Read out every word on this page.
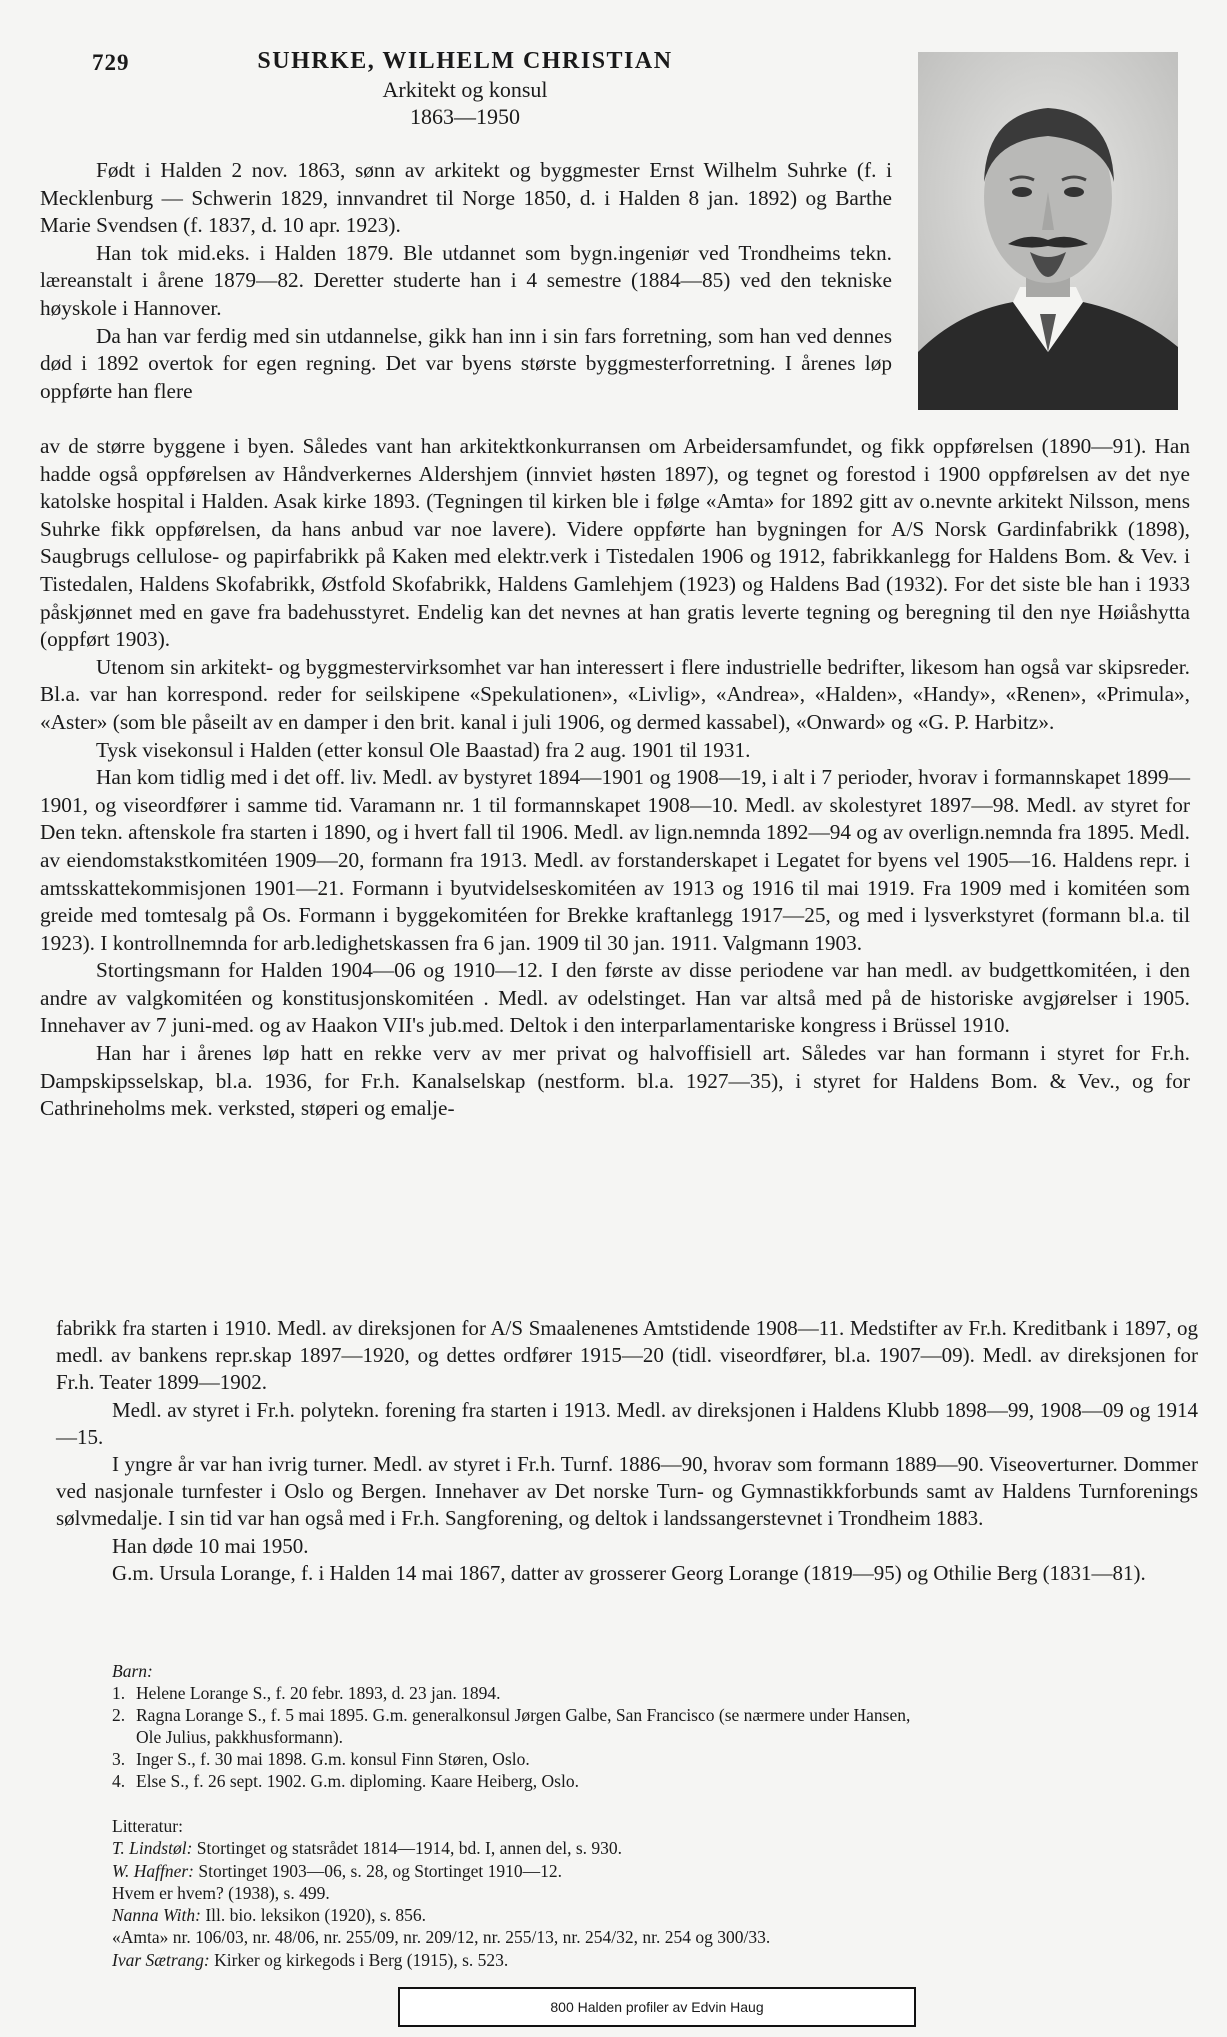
729	SUHRKE, WILHELM CHRISTIAN
Arkitekt og konsul
1863—1950

Født i Halden 2 nov. 1863, sønn av arkitekt og byggmester Ernst Wilhelm Suhrke (f. i Mecklenburg — Schwerin 1829, innvandret til Norge 1850, d. i Halden 8 jan. 1892) og Barthe Marie Svendsen (f. 1837, d. 10 apr. 1923).

Han tok mid.eks. i Halden 1879. Ble utdannet som bygn.ingeniør ved Trondheims tekn. læreanstalt i årene 1879—82. Deretter studerte han i 4 semestre (1884—85) ved den tekniske høyskole i Hannover.

Da han var ferdig med sin utdannelse, gikk han inn i sin fars forretning, som han ved dennes død i 1892 overtok for egen regning. Det var byens største byggmesterforretning. I årenes løp oppførte han flere

av de større byggene i byen. Således vant han arkitektkonkurransen om Arbeidersamfundet, og fikk oppførelsen (1890—91). Han hadde også oppførelsen av Håndverkernes Aldershjem (innviet høsten 1897), og tegnet og forestod i 1900 oppførelsen av det nye katolske hospital i Halden. Asak kirke 1893. (Tegningen til kirken ble i følge «Amta» for 1892 gitt av o.nevnte arkitekt Nilsson, mens Suhrke fikk oppførelsen, da hans anbud var noe lavere). Videre oppførte han bygningen for A/S Norsk Gardinfabrikk (1898), Saugbrugs cellulose- og papirfabrikk på Kaken med elektr.verk i Tistedalen 1906 og 1912, fabrikkanlegg for Haldens Bom. & Vev. i Tistedalen, Haldens Skofabrikk, Østfold Skofabrikk, Haldens Gamlehjem (1923) og Haldens Bad (1932). For det siste ble han i 1933 påskjønnet med en gave fra badehusstyret. Endelig kan det nevnes at han gratis leverte tegning og beregning til den nye Høiåshytta (oppført 1903).

Utenom sin arkitekt- og byggmestervirksomhet var han interessert i flere industrielle bedrifter, likesom han også var skipsreder. Bl.a. var han korrespond. reder for seilskipene «Spekulationen», «Livlig», «Andrea», «Halden», «Handy», «Renen», «Primula», «Aster» (som ble påseilt av en damper i den brit. kanal i juli 1906, og dermed kassabel), «Onward» og «G. P. Harbitz».

Tysk visekonsul i Halden (etter konsul Ole Baastad) fra 2 aug. 1901 til 1931.

Han kom tidlig med i det off. liv. Medl. av bystyret 1894—1901 og 1908—19, i alt i 7 perioder, hvorav i formannskapet 1899—1901, og viseordfører i samme tid. Varamann nr. 1 til formannskapet 1908—10. Medl. av skolestyret 1897—98. Medl. av styret for Den tekn. aftenskole fra starten i 1890, og i hvert fall til 1906. Medl. av lign.nemnda 1892—94 og av overlign.nemnda fra 1895. Medl. av eiendomstakstkomitéen 1909—20, formann fra 1913. Medl. av forstanderskapet i Legatet for byens vel 1905—16. Haldens repr. i amtsskattekommisjonen 1901—21. Formann i byutvidelseskomitéen av 1913 og 1916 til mai 1919. Fra 1909 med i komitéen som greide med tomtesalg på Os. Formann i byggekomitéen for Brekke kraftanlegg 1917—25, og med i lysverkstyret (formann bl.a. til 1923). I kontrollnemnda for arb.ledighetskassen fra 6 jan. 1909 til 30 jan. 1911. Valgmann 1903.

Stortingsmann for Halden 1904—06 og 1910—12. I den første av disse periodene var han medl. av budgettkomitéen, i den andre av valgkomitéen og konstitusjonskomitéen . Medl. av odelstinget. Han var altså med på de historiske avgjørelser i 1905. Innehaver av 7 juni-med. og av Haakon VII's jub.med. Deltok i den interparlamentariske kongress i Brüssel 1910.

Han har i årenes løp hatt en rekke verv av mer privat og halvoffisiell art. Således var han formann i styret for Fr.h. Dampskipsselskap, bl.a. 1936, for Fr.h. Kanalselskap (nestform. bl.a. 1927—35), i styret for Haldens Bom. & Vev., og for Cathrineholms mek. verksted, støperi og emalje-

fabrikk fra starten i 1910. Medl. av direksjonen for A/S Smaalenenes Amtstidende 1908—11. Medstifter av Fr.h. Kreditbank i 1897, og medl. av bankens repr.skap 1897—1920, og dettes ordfører 1915—20 (tidl. viseordfører, bl.a. 1907—09). Medl. av direksjonen for Fr.h. Teater 1899—1902.

Medl. av styret i Fr.h. polytekn. forening fra starten i 1913. Medl. av direksjonen i Haldens Klubb 1898—99, 1908—09 og 1914—15.

I yngre år var han ivrig turner. Medl. av styret i Fr.h. Turnf. 1886—90, hvorav som formann 1889—90. Viseoverturner. Dommer ved nasjonale turnfester i Oslo og Bergen. Innehaver av Det norske Turn- og Gymnastikkforbunds samt av Haldens Turnforenings sølvmedalje. I sin tid var han også med i Fr.h. Sangforening, og deltok i landssangerstevnet i Trondheim 1883.

Han døde 10 mai 1950.

G.m. Ursula Lorange, f. i Halden 14 mai 1867, datter av grosserer Georg Lorange (1819—95) og Othilie Berg (1831—81).

Barn:
1. Helene Lorange S., f. 20 febr. 1893, d. 23 jan. 1894.
2. Ragna Lorange S., f. 5 mai 1895. G.m. generalkonsul Jørgen Galbe, San Francisco (se nærmere under Hansen,
Ole Julius, pakkhusformann).
3. Inger S., f. 30 mai 1898. G.m. konsul Finn Støren, Oslo.
4. Else S., f. 26 sept. 1902. G.m. diploming. Kaare Heiberg, Oslo.
Litteratur:
T. Lindstøl: Stortinget og statsrådet 1814—1914, bd. I, annen del, s. 930.
W. Haffner: Stortinget 1903—06, s. 28, og Stortinget 1910—12.
Hvem er hvem? (1938), s. 499.
Nanna With: Ill. bio. leksikon (1920), s. 856.
«Amta» nr. 106/03, nr. 48/06, nr. 255/09, nr. 209/12, nr. 255/13, nr. 254/32, nr. 254 og 300/33.
Ivar Sætrang: Kirker og kirkegods i Berg (1915), s. 523.
800 Halden profiler av Edvin Haug
